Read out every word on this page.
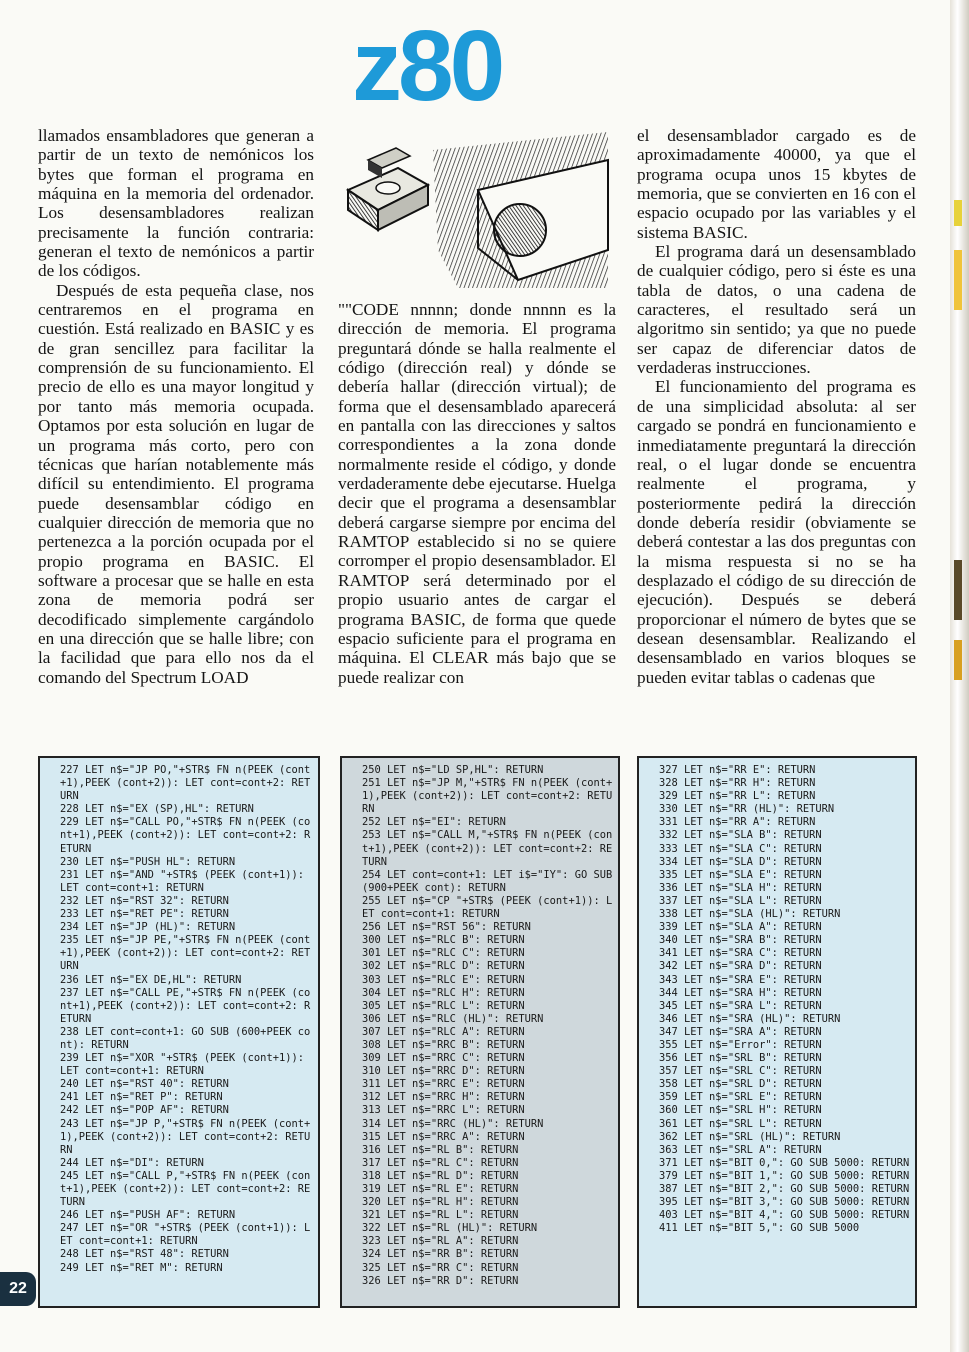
z80

llamados ensambladores que generan a partir de un texto de nemónicos los bytes que forman el programa en máquina en la memoria del ordenador. Los desensambladores realizan precisamente la función contraria: generan el texto de nemónicos a partir de los códigos.

Después de esta pequeña clase, nos centraremos en el programa en cuestión. Está realizado en BASIC y es de gran sencillez para facilitar la comprensión de su funcionamiento. El precio de ello es una mayor longitud y por tanto más memoria ocupada. Optamos por esta solución en lugar de un programa más corto, pero con técnicas que harían notablemente más difícil su entendimiento. El programa puede desensamblar código en cualquier dirección de memoria que no pertenezca a la porción ocupada por el propio programa en BASIC. El software a procesar que se halle en esta zona de memoria podrá ser decodificado simplemente cargándolo en una dirección que se halle libre; con la facilidad que para ello nos da el comando del Spectrum LOAD

""CODE nnnnn; donde nnnnn es la dirección de memoria. El programa preguntará dónde se halla realmente el código (dirección real) y dónde se debería hallar (dirección virtual); de forma que el desensamblado aparecerá en pantalla con las direcciones y saltos correspondientes a la zona donde normalmente reside el código, y donde verdaderamente debe ejecutarse. Huelga decir que el programa a desensamblar deberá cargarse siempre por encima del RAMTOP establecido si no se quiere corromper el propio desensamblador. El RAMTOP será determinado por el propio usuario antes de cargar el programa BASIC, de forma que quede espacio suficiente para el programa en máquina. El CLEAR más bajo que se puede realizar con

el desensamblador cargado es de aproximadamente 40000, ya que el programa ocupa unos 15 kbytes de memoria, que se convierten en 16 con el espacio ocupado por las variables y el sistema BASIC.

El programa dará un desensamblado de cualquier código, pero si éste es una tabla de datos, o una cadena de caracteres, el resultado será un algoritmo sin sentido; ya que no puede ser capaz de diferenciar datos de verdaderas instrucciones.

El funcionamiento del programa es de una simplicidad absoluta: al ser cargado se pondrá en funcionamiento e inmediatamente preguntará la dirección real, o el lugar donde se encuentra realmente el programa, y posteriormente pedirá la dirección donde debería residir (obviamente se deberá contestar a las dos preguntas con la misma respuesta si no se ha desplazado el código de su dirección de ejecución). Después se deberá proporcionar el número de bytes que se desean desensamblar. Realizando el desensamblado en varios bloques se pueden evitar tablas o cadenas que

227 LET n$="JP PO,"+STR$ FN n(PEEK (cont+1),PEEK (cont+2)): LET cont=cont+2: RETURN
228 LET n$="EX (SP),HL": RETURN
229 LET n$="CALL PO,"+STR$ FN n(PEEK (cont+1),PEEK (cont+2)): LET cont=cont+2: RETURN
230 LET n$="PUSH HL": RETURN
231 LET n$="AND "+STR$ (PEEK (cont+1)): LET cont=cont+1: RETURN
232 LET n$="RST 32": RETURN
233 LET n$="RET PE": RETURN
234 LET n$="JP (HL)": RETURN
235 LET n$="JP PE,"+STR$ FN n(PEEK (cont+1),PEEK (cont+2)): LET cont=cont+2: RETURN
236 LET n$="EX DE,HL": RETURN
237 LET n$="CALL PE,"+STR$ FN n(PEEK (cont+1),PEEK (cont+2)): LET cont=cont+2: RETURN
238 LET cont=cont+1: GO SUB (600+PEEK cont): RETURN
239 LET n$="XOR "+STR$ (PEEK (cont+1)): LET cont=cont+1: RETURN
240 LET n$="RST 40": RETURN
241 LET n$="RET P": RETURN
242 LET n$="POP AF": RETURN
243 LET n$="JP P,"+STR$ FN n(PEEK (cont+1),PEEK (cont+2)): LET cont=cont+2: RETURN
244 LET n$="DI": RETURN
245 LET n$="CALL P,"+STR$ FN n(PEEK (cont+1),PEEK (cont+2)): LET cont=cont+2: RETURN
246 LET n$="PUSH AF": RETURN
247 LET n$="OR "+STR$ (PEEK (cont+1)): LET cont=cont+1: RETURN
248 LET n$="RST 48": RETURN
249 LET n$="RET M": RETURN
250 LET n$="LD SP,HL": RETURN
251 LET n$="JP M,"+STR$ FN n(PEEK (cont+1),PEEK (cont+2)): LET cont=cont+2: RETURN
252 LET n$="EI": RETURN
253 LET n$="CALL M,"+STR$ FN n(PEEK (cont+1),PEEK (cont+2)): LET cont=cont+2: RETURN
254 LET cont=cont+1: LET i$="IY": GO SUB (900+PEEK cont): RETURN
255 LET n$="CP "+STR$ (PEEK (cont+1)): LET cont=cont+1: RETURN
256 LET n$="RST 56": RETURN
300 LET n$="RLC B": RETURN
301 LET n$="RLC C": RETURN
302 LET n$="RLC D": RETURN
303 LET n$="RLC E": RETURN
304 LET n$="RLC H": RETURN
305 LET n$="RLC L": RETURN
306 LET n$="RLC (HL)": RETURN
307 LET n$="RLC A": RETURN
308 LET n$="RRC B": RETURN
309 LET n$="RRC C": RETURN
310 LET n$="RRC D": RETURN
311 LET n$="RRC E": RETURN
312 LET n$="RRC H": RETURN
313 LET n$="RRC L": RETURN
314 LET n$="RRC (HL)": RETURN
315 LET n$="RRC A": RETURN
316 LET n$="RL B": RETURN
317 LET n$="RL C": RETURN
318 LET n$="RL D": RETURN
319 LET n$="RL E": RETURN
320 LET n$="RL H": RETURN
321 LET n$="RL L": RETURN
322 LET n$="RL (HL)": RETURN
323 LET n$="RL A": RETURN
324 LET n$="RR B": RETURN
325 LET n$="RR C": RETURN
326 LET n$="RR D": RETURN
327 LET n$="RR E": RETURN
328 LET n$="RR H": RETURN
329 LET n$="RR L": RETURN
330 LET n$="RR (HL)": RETURN
331 LET n$="RR A": RETURN
332 LET n$="SLA B": RETURN
333 LET n$="SLA C": RETURN
334 LET n$="SLA D": RETURN
335 LET n$="SLA E": RETURN
336 LET n$="SLA H": RETURN
337 LET n$="SLA L": RETURN
338 LET n$="SLA (HL)": RETURN
339 LET n$="SLA A": RETURN
340 LET n$="SRA B": RETURN
341 LET n$="SRA C": RETURN
342 LET n$="SRA D": RETURN
343 LET n$="SRA E": RETURN
344 LET n$="SRA H": RETURN
345 LET n$="SRA L": RETURN
346 LET n$="SRA (HL)": RETURN
347 LET n$="SRA A": RETURN
355 LET n$="Error": RETURN
356 LET n$="SRL B": RETURN
357 LET n$="SRL C": RETURN
358 LET n$="SRL D": RETURN
359 LET n$="SRL E": RETURN
360 LET n$="SRL H": RETURN
361 LET n$="SRL L": RETURN
362 LET n$="SRL (HL)": RETURN
363 LET n$="SRL A": RETURN
371 LET n$="BIT 0,": GO SUB 5000: RETURN
379 LET n$="BIT 1,": GO SUB 5000: RETURN
387 LET n$="BIT 2,": GO SUB 5000: RETURN
395 LET n$="BIT 3,": GO SUB 5000: RETURN
403 LET n$="BIT 4,": GO SUB 5000: RETURN
411 LET n$="BIT 5,": GO SUB 5000
22
